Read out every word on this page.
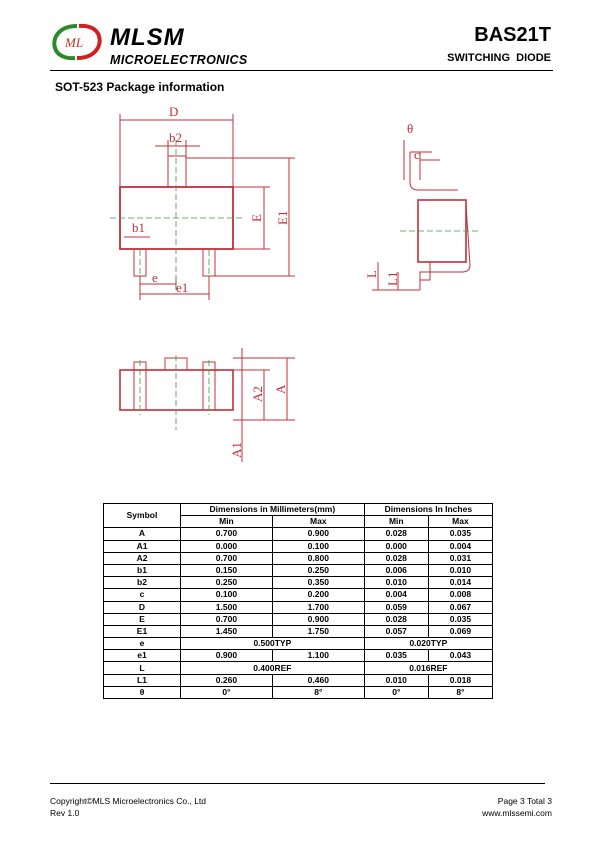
ML MLSM
MICROELECTRONICS
BAS21T
SWITCHING  DIODE
SOT-523 Package information
D
b2
b1
e
e1
E E1
θ
c
L L1
A
A2
A1
Symbol	Dimensions in Millimeters(mm)		Dimensions In Inches	
	Min	Max	Min	Max
A	0.700	0.900	0.028	0.035
A1	0.000	0.100	0.000	0.004
A2	0.700	0.800	0.028	0.031
b1	0.150	0.250	0.006	0.010
b2	0.250	0.350	0.010	0.014
c	0.100	0.200	0.004	0.008
D	1.500	1.700	0.059	0.067
E	0.700	0.900	0.028	0.035
E1	1.450	1.750	0.057	0.069
e	0.500TYP		0.020TYP	
e1	0.900	1.100	0.035	0.043
L	0.400REF		0.016REF	
L1	0.260	0.460	0.010	0.018
θ	0°	8°	0°	8°
Copyright©MLS Microelectronics Co., Ltd
Rev 1.0
Page 3 Total 3
www.mlssemi.com
